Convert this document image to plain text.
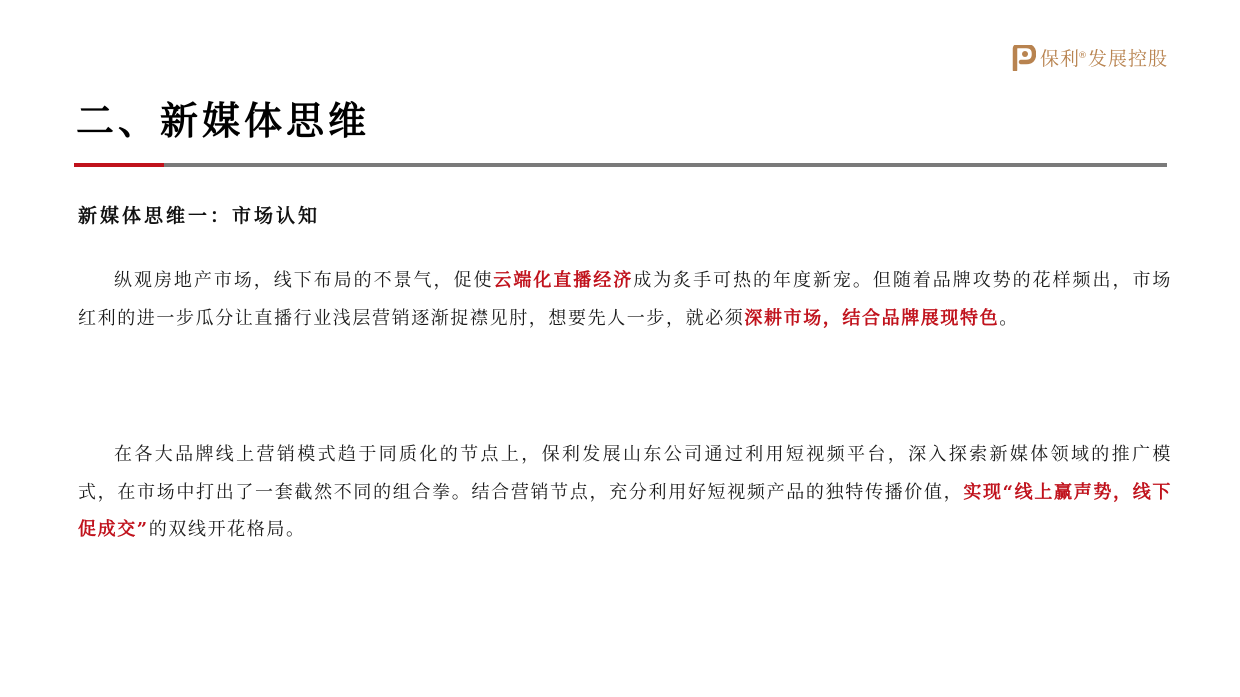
保利®发展控股
二、新媒体思维
新媒体思维一：市场认知

纵观房地产市场，线下布局的不景气，促使云端化直播经济成为炙手可热的年度新宠。但随着品牌攻势的花样频出，市场红利的进一步瓜分让直播行业浅层营销逐渐捉襟见肘，想要先人一步，就必须深耕市场，结合品牌展现特色。

在各大品牌线上营销模式趋于同质化的节点上，保利发展山东公司通过利用短视频平台，深入探索新媒体领域的推广模式，在市场中打出了一套截然不同的组合拳。结合营销节点，充分利用好短视频产品的独特传播价值，实现“线上赢声势，线下促成交”的双线开花格局。
